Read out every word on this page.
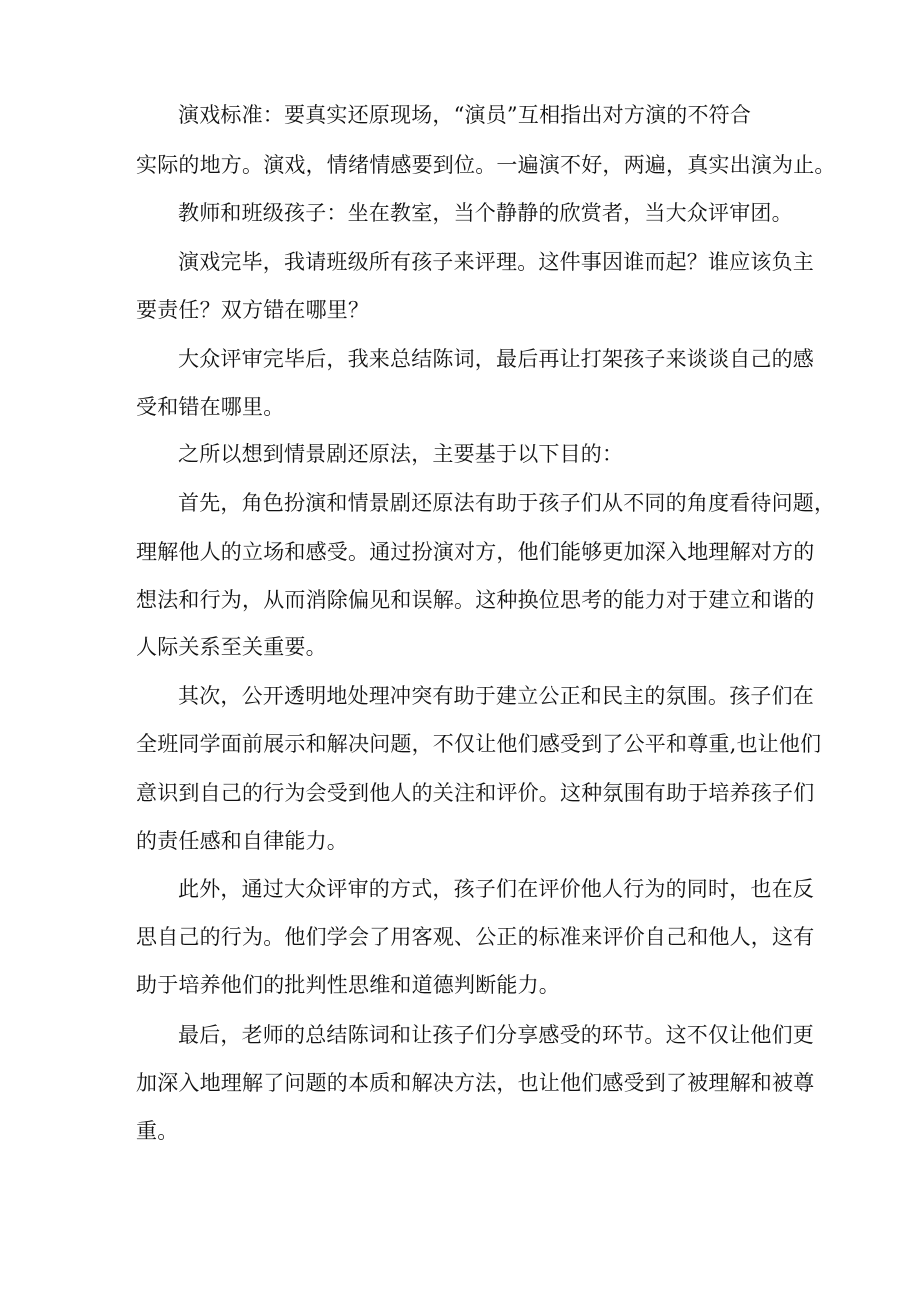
演戏标准：要真实还原现场，“演员”互相指出对方演的不符合

实际的地方。演戏，情绪情感要到位。一遍演不好，两遍，真实出演为止。

教师和班级孩子：坐在教室，当个静静的欣赏者，当大众评审团。

演戏完毕，我请班级所有孩子来评理。这件事因谁而起？谁应该负主

要责任？双方错在哪里？

大众评审完毕后，我来总结陈词，最后再让打架孩子来谈谈自己的感

受和错在哪里。

之所以想到情景剧还原法，主要基于以下目的：

首先，角色扮演和情景剧还原法有助于孩子们从不同的角度看待问题，

理解他人的立场和感受。通过扮演对方，他们能够更加深入地理解对方的

想法和行为，从而消除偏见和误解。这种换位思考的能力对于建立和谐的

人际关系至关重要。

其次，公开透明地处理冲突有助于建立公正和民主的氛围。孩子们在

全班同学面前展示和解决问题，不仅让他们感受到了公平和尊重,也让他们

意识到自己的行为会受到他人的关注和评价。这种氛围有助于培养孩子们

的责任感和自律能力。

此外，通过大众评审的方式，孩子们在评价他人行为的同时，也在反

思自己的行为。他们学会了用客观、公正的标准来评价自己和他人，这有

助于培养他们的批判性思维和道德判断能力。

最后，老师的总结陈词和让孩子们分享感受的环节。这不仅让他们更

加深入地理解了问题的本质和解决方法，也让他们感受到了被理解和被尊

重。
